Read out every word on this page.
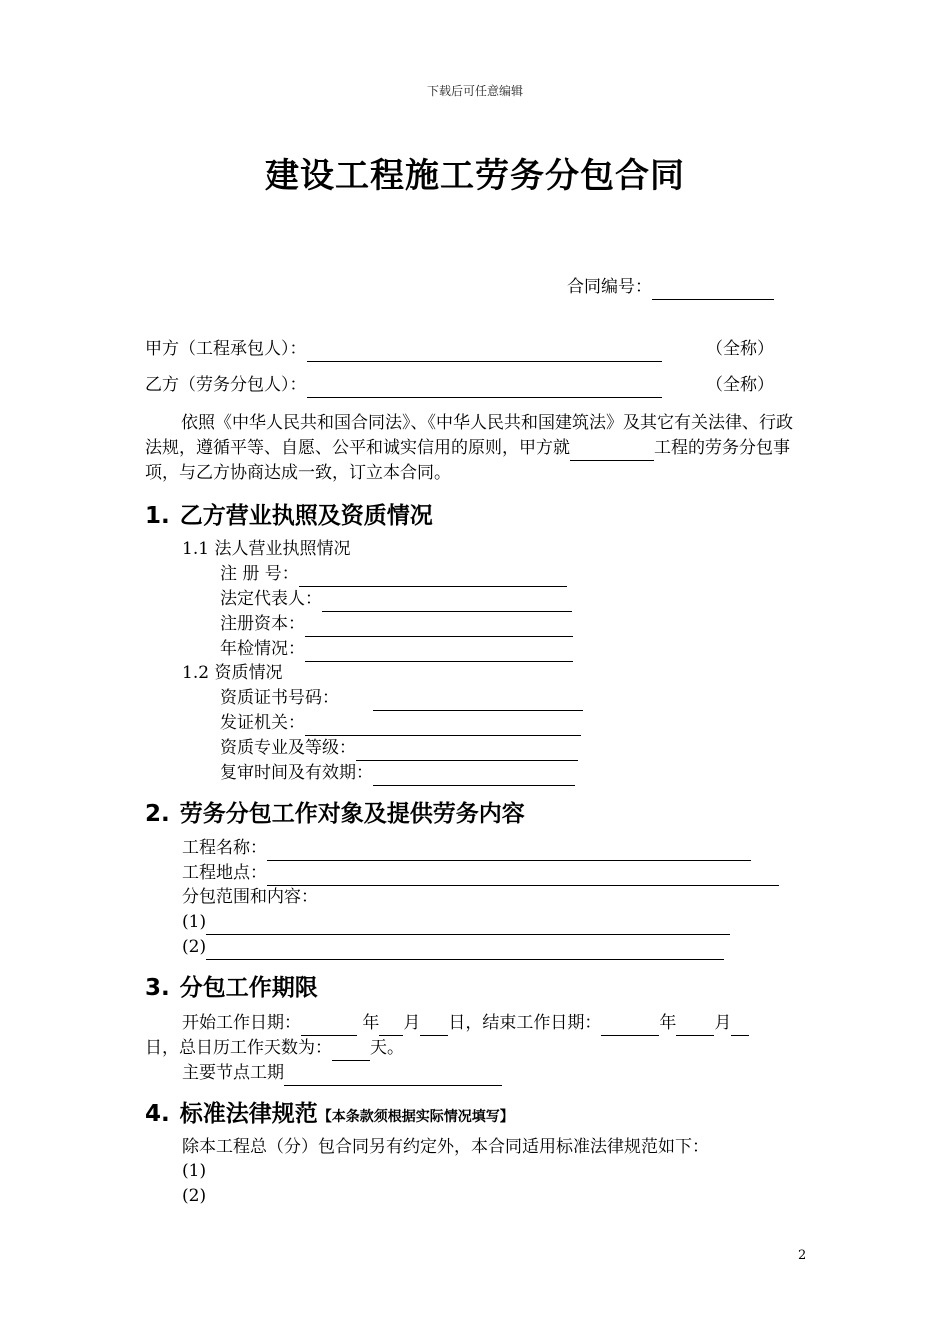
下载后可任意编辑
建设工程施工劳务分包合同
合同编号：
甲方（工程承包人）：	（全称）
乙方（劳务分包人）：	（全称）
依照《中华人民共和国合同法》、《中华人民共和国建筑法》及其它有关法律、行政法规，遵循平等、自愿、公平和诚实信用的原则，甲方就	工程的劳务分包事项，与乙方协商达成一致，订立本合同。
1. 乙方营业执照及资质情况
1.1 法人营业执照情况
注 册 号：
法定代表人：
注册资本：
年检情况：
1.2 资质情况
资质证书号码：
发证机关：
资质专业及等级：
复审时间及有效期：
2. 劳务分包工作对象及提供劳务内容
工程名称：
工程地点：
分包范围和内容：
(1)
(2)
3. 分包工作期限
开始工作日期：	年 月 日，结束工作日期：	年 月
日，总日历工作天数为： 天。
主要节点工期
4. 标准法律规范【本条款须根据实际情况填写】
除本工程总（分）包合同另有约定外，本合同适用标准法律规范如下：
(1)
(2)
2
